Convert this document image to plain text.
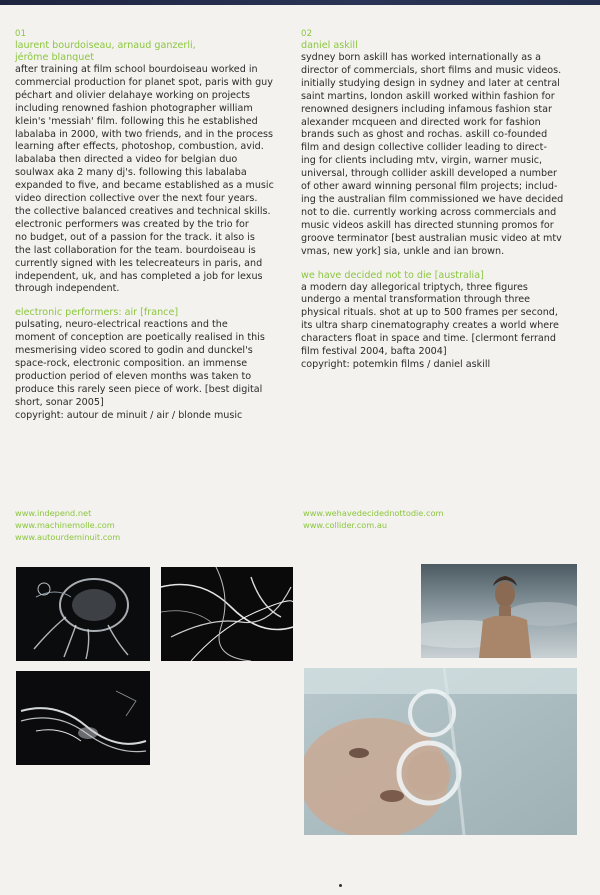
01
laurent bourdoiseau, arnaud ganzerli,
jérôme blanquet

after training at film school bourdoiseau worked in
commercial production for planet spot, paris with guy
péchart and olivier delahaye working on projects
including renowned fashion photographer william
klein's 'messiah' film. following this he established
labalaba in 2000, with two friends, and in the process
learning after effects, photoshop, combustion, avid.
labalaba then directed a video for belgian duo
soulwax aka 2 many dj's. following this labalaba
expanded to five, and became established as a music
video direction collective over the next four years.
the collective balanced creatives and technical skills.
electronic performers was created by the trio for
no budget, out of a passion for the track. it also is
the last collaboration for the team. bourdoiseau is
currently signed with les telecreateurs in paris, and
independent, uk, and has completed a job for lexus
through independent.

electronic performers: air [france]

pulsating, neuro-electrical reactions and the
moment of conception are poetically realised in this
mesmerising video scored to godin and dunckel's
space-rock, electronic composition. an immense
production period of eleven months was taken to
produce this rarely seen piece of work. [best digital
short, sonar 2005]

copyright: autour de minuit / air / blonde music

02
daniel askill

sydney born askill has worked internationally as a
director of commercials, short films and music videos.
initially studying design in sydney and later at central
saint martins, london askill worked within fashion for
renowned designers including infamous fashion star
alexander mcqueen and directed work for fashion
brands such as ghost and rochas. askill co-founded
film and design collective collider leading to direct-
ing for clients including mtv, virgin, warner music,
universal, through collider askill developed a number
of other award winning personal film projects; includ-
ing the australian film commissioned we have decided
not to die. currently working across commercials and
music videos askill has directed stunning promos for
groove terminator [best australian music video at mtv
vmas, new york] sia, unkle and ian brown.

we have decided not to die [australia]

a modern day allegorical triptych, three figures
undergo a mental transformation through three
physical rituals. shot at up to 500 frames per second,
its ultra sharp cinematography creates a world where
characters float in space and time. [clermont ferrand
film festival 2004, bafta 2004]

copyright: potemkin films / daniel askill

www.independ.net
www.machinemolle.com
www.autourdeminuit.com
www.wehavedecidednottodie.com
www.collider.com.au
